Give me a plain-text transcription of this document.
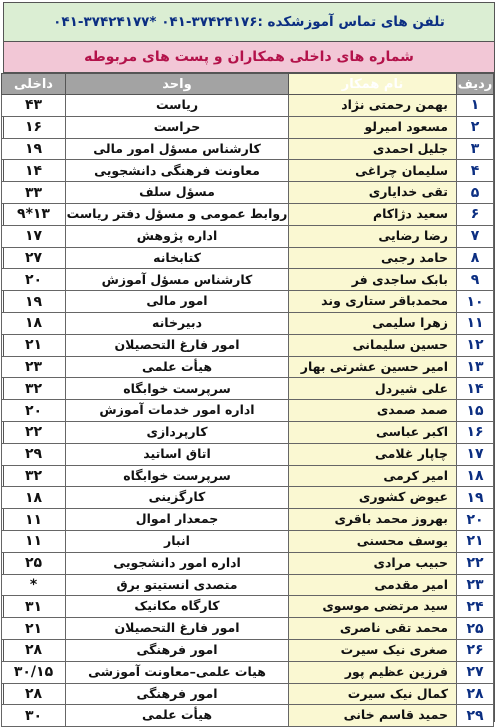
تلفن های تماس آموزشکده :۳۷۴۲۴۱۷۶-۰۴۱ *۳۷۴۲۴۱۷۷-۰۴۱
شماره های داخلی همکاران و پست های مربوطه
ردیف	نام همکار	واحد	داخلی
۱	بهمن رحمتی نژاد	ریاست	۴۳
۲	مسعود امیرلو	حراست	۱۶
۳	جلیل احمدی	کارشناس مسؤل امور مالی	۱۹
۴	سلیمان چراغی	معاونت فرهنگی دانشجویی	۱۴
۵	تقی خدایاری	مسؤل سلف	۳۳
۶	سعید دژاکام	روابط عمومی و مسؤل دفتر ریاست	۱۳*۹
۷	رضا رضایی	اداره پژوهش	۱۷
۸	حامد رجبی	کتابخانه	۲۷
۹	بابک ساجدی فر	کارشناس مسؤل آموزش	۲۰
۱۰	محمدباقر ستاری وند	امور مالی	۱۹
۱۱	زهرا سلیمی	دبیرخانه	۱۸
۱۲	حسین سلیمانی	امور فارغ التحصیلان	۲۱
۱۳	امیر حسین عشرتی بهار	هیأت علمی	۲۳
۱۴	علی شیردل	سرپرست خوابگاه	۳۲
۱۵	صمد صمدی	اداره امور خدمات آموزش	۲۰
۱۶	اکبر عباسی	کارپردازی	۲۲
۱۷	چاپار غلامی	اتاق اساتید	۲۹
۱۸	امیر کرمی	سرپرست خوابگاه	۳۲
۱۹	عیوض کشوری	کارگزینی	۱۸
۲۰	بهروز محمد باقری	جمعدار اموال	۱۱
۲۱	یوسف محسنی	انبار	۱۱
۲۲	حبیب مرادی	اداره امور دانشجویی	۲۵
۲۳	امیر مقدمی	متصدی انستیتو برق	*
۲۴	سید مرتضی موسوی	کارگاه مکانیک	۳۱
۲۵	محمد تقی ناصری	امور فارغ التحصیلان	۲۱
۲۶	صغری نیک سیرت	امور فرهنگی	۲۸
۲۷	فرزین عظیم پور	هیات علمی–معاونت آموزشی	۳۰/۱۵
۲۸	کمال نیک سیرت	امور فرهنگی	۲۸
۲۹	حمید قاسم خانی	هیأت علمی	۳۰
